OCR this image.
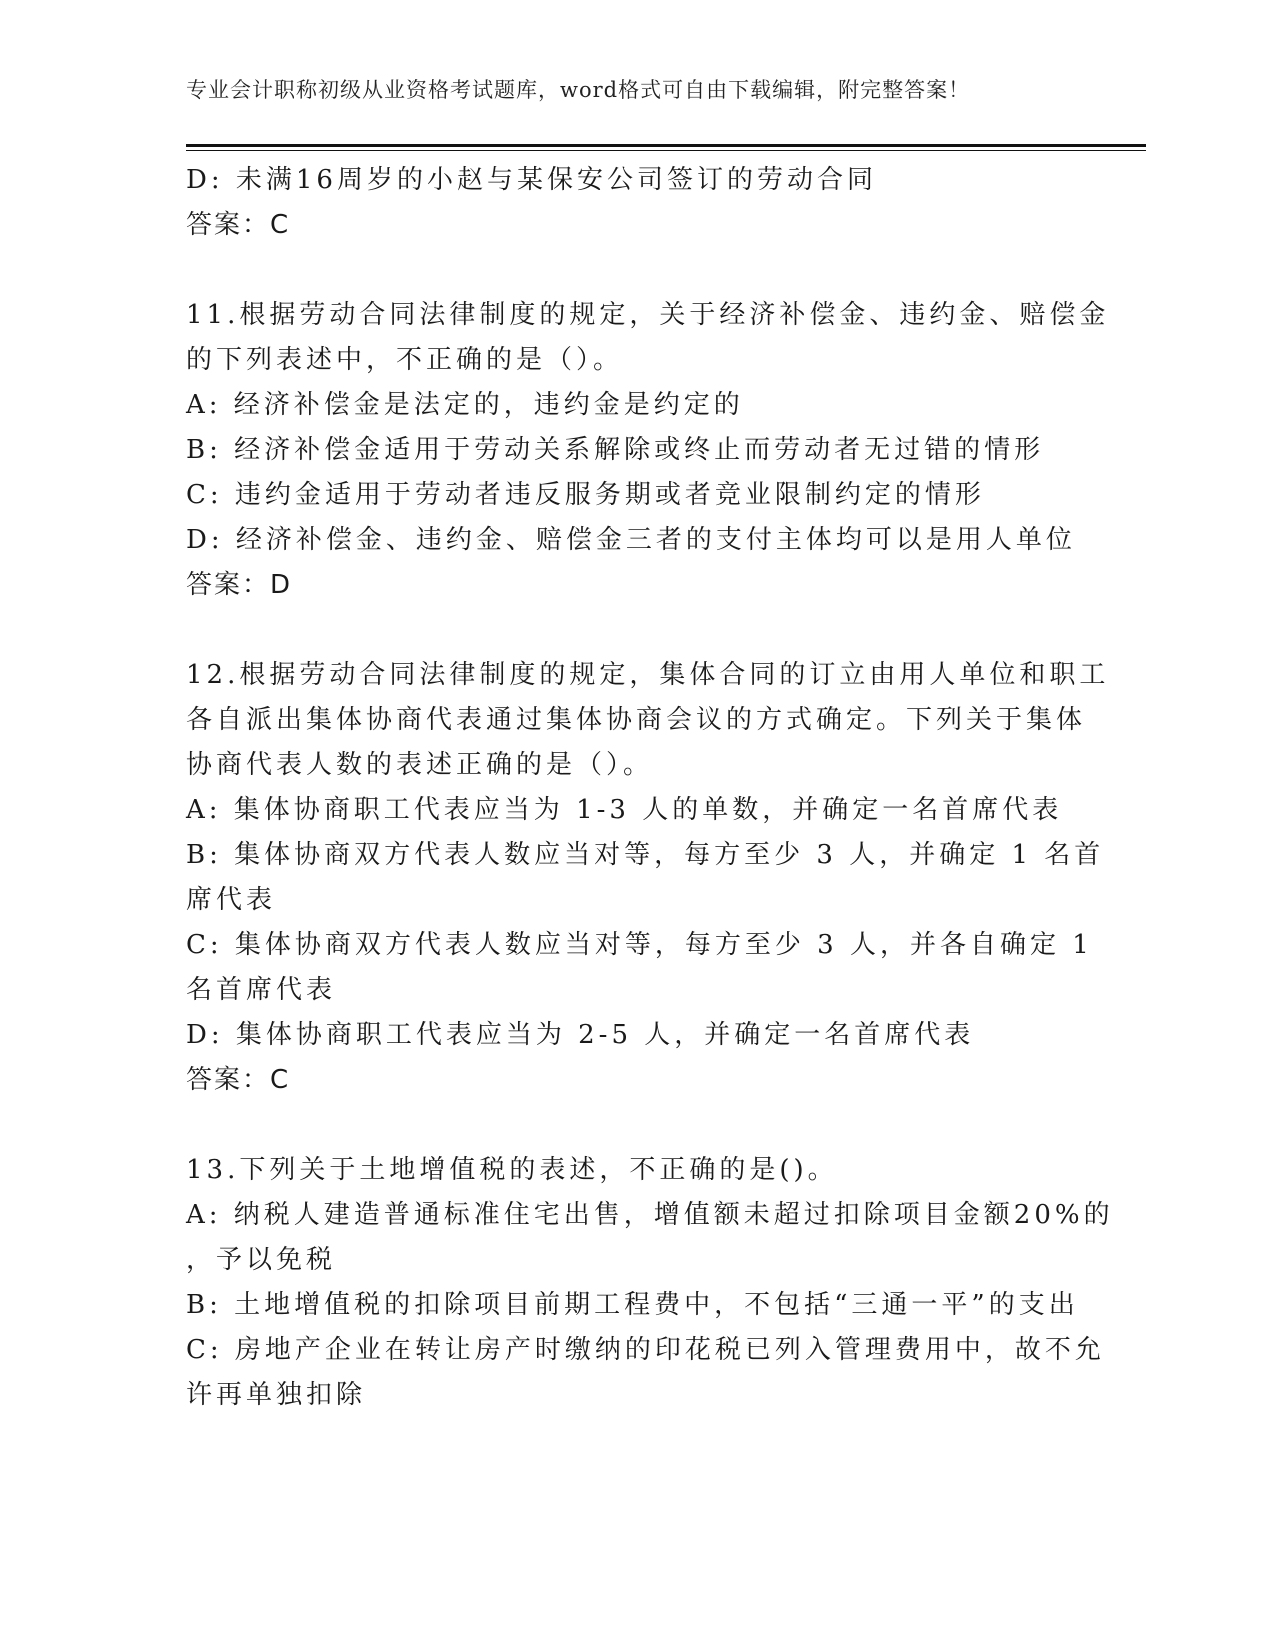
专业会计职称初级从业资格考试题库，word格式可自由下载编辑，附完整答案！
D: 未满16周岁的小赵与某保安公司签订的劳动合同
答案：C
11.根据劳动合同法律制度的规定，关于经济补偿金、违约金、赔偿金
的下列表述中，不正确的是（）。
A: 经济补偿金是法定的，违约金是约定的
B: 经济补偿金适用于劳动关系解除或终止而劳动者无过错的情形
C: 违约金适用于劳动者违反服务期或者竞业限制约定的情形
D: 经济补偿金、违约金、赔偿金三者的支付主体均可以是用人单位
答案：D
12.根据劳动合同法律制度的规定，集体合同的订立由用人单位和职工
各自派出集体协商代表通过集体协商会议的方式确定。下列关于集体
协商代表人数的表述正确的是（）。
A: 集体协商职工代表应当为 1-3 人的单数，并确定一名首席代表
B: 集体协商双方代表人数应当对等，每方至少 3 人，并确定 1 名首
席代表
C: 集体协商双方代表人数应当对等，每方至少 3 人，并各自确定 1
名首席代表
D: 集体协商职工代表应当为 2-5 人，并确定一名首席代表
答案：C
13.下列关于土地增值税的表述，不正确的是()。
A: 纳税人建造普通标准住宅出售，增值额未超过扣除项目金额20%的
，予以免税
B: 土地增值税的扣除项目前期工程费中，不包括“三通一平”的支出
C: 房地产企业在转让房产时缴纳的印花税已列入管理费用中，故不允
许再单独扣除
